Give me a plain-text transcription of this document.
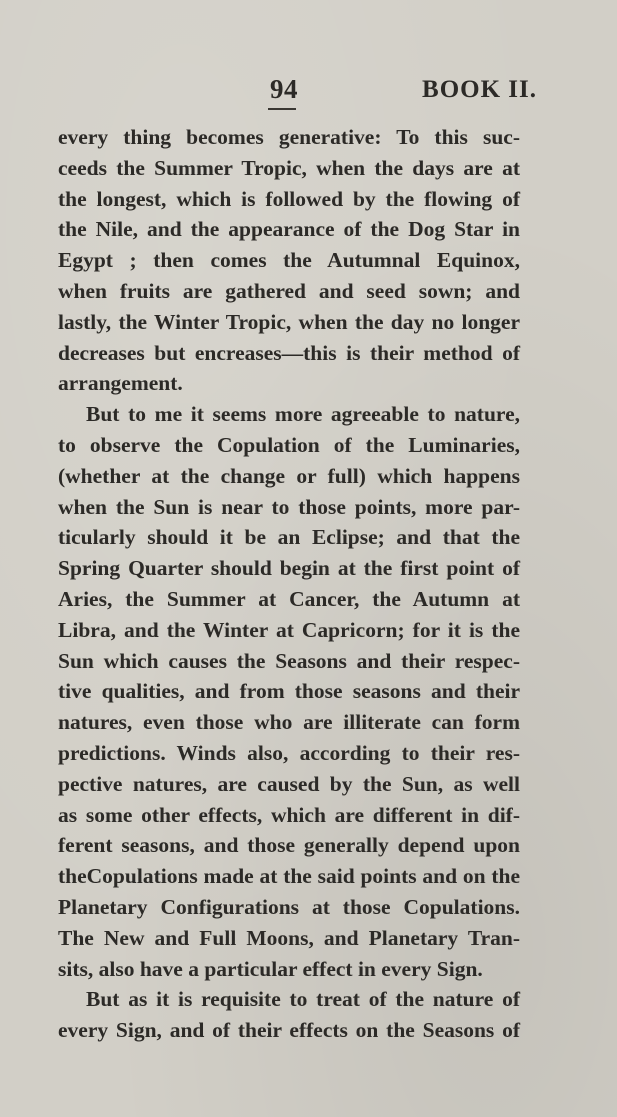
94	BOOK II.
every thing becomes generative: To this suc-
ceeds the Summer Tropic, when the days are at
the longest, which is followed by the flowing of
the Nile, and the appearance of the Dog Star in
Egypt ; then comes the Autumnal Equinox,
when fruits are gathered and seed sown; and
lastly, the Winter Tropic, when the day no longer
decreases but encreases—this is their method of
arrangement.
But to me it seems more agreeable to nature,
to observe the Copulation of the Luminaries,
(whether at the change or full) which happens
when the Sun is near to those points, more par-
ticularly should it be an Eclipse; and that the
Spring Quarter should begin at the first point of
Aries, the Summer at Cancer, the Autumn at
Libra, and the Winter at Capricorn; for it is the
Sun which causes the Seasons and their respec-
tive qualities, and from those seasons and their
natures, even those who are illiterate can form
predictions. Winds also, according to their res-
pective natures, are caused by the Sun, as well
as some other effects, which are different in dif-
ferent seasons, and those generally depend upon
theCopulations made at the said points and on the
Planetary Configurations at those Copulations.
The New and Full Moons, and Planetary Tran-
sits, also have a particular effect in every Sign.
But as it is requisite to treat of the nature of
every Sign, and of their effects on the Seasons of
